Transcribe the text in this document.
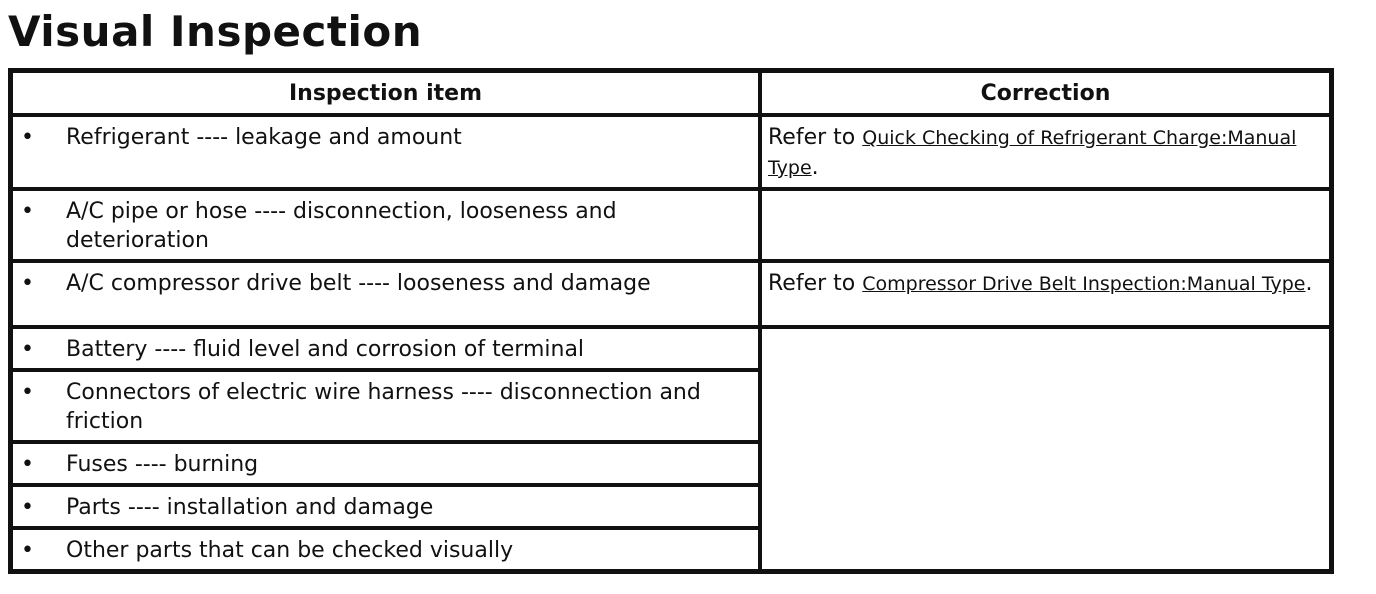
Visual Inspection
Inspection item	Correction

• Refrigerant ---- leakage and amount	Refer to Quick Checking of Refrigerant Charge:Manual Type.

• A/C pipe or hose ---- disconnection, looseness and deterioration	

• A/C compressor drive belt ---- looseness and damage	Refer to Compressor Drive Belt Inspection:Manual Type.

• Battery ---- fluid level and corrosion of terminal	

• Connectors of electric wire harness ---- disconnection and friction	

• Fuses ---- burning	

• Parts ---- installation and damage	

• Other parts that can be checked visually	
